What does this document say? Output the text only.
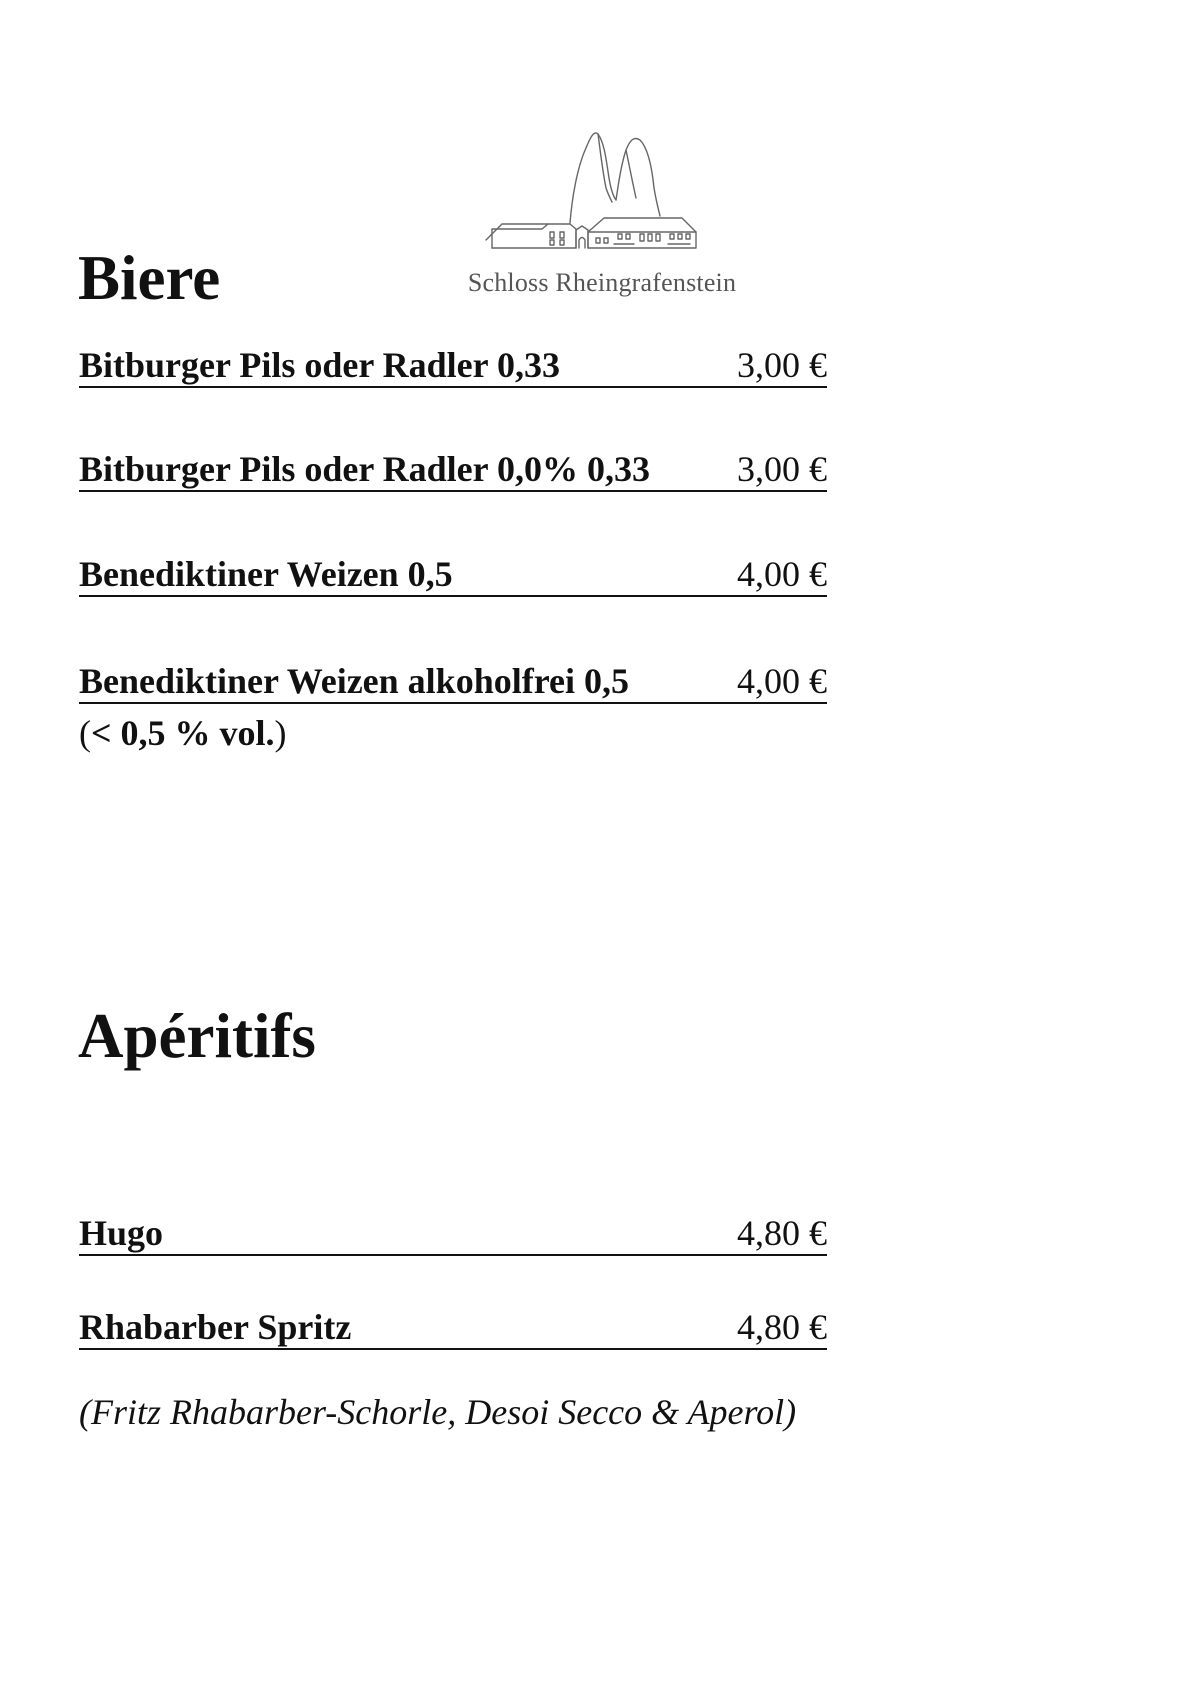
Schloss Rheingrafenstein
Biere
Bitburger Pils oder Radler 0,33	3,00 €
Bitburger Pils oder Radler 0,0% 0,33 3,00 €
Benediktiner Weizen 0,5	4,00 €
Benediktiner Weizen alkoholfrei 0,5	4,00 €
(< 0,5 % vol.)
Apéritifs
Hugo	4,80 €
Rhabarber Spritz	4,80 €
(Fritz Rhabarber-Schorle, Desoi Secco & Aperol)
